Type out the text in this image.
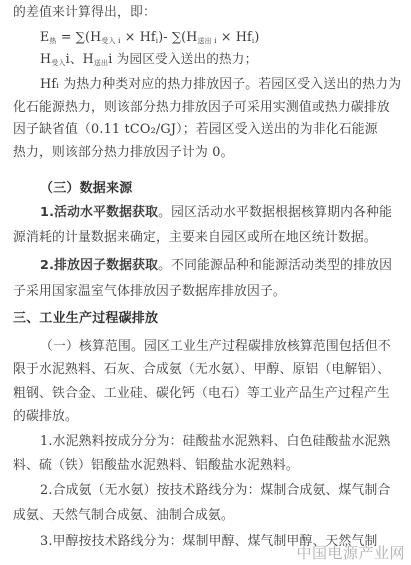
的差值来计算得出，即：
$E_热 = \sum(H_{受入 i} \times Hf_i)-$ $\sum(H_{送出 i} \times Hf_i)$
$H_{受入}i$、$H_{送出}i$ 为园区受入送出的热力；
Hfᵢ 为热力种类对应的热力排放因子。若园区受入送出的热力为
化石能源热力，则该部分热力排放因子可采用实测值或热力碳排放
因子缺省值（0.11 tCO₂/GJ）；若园区受入送出的为非化石能源
热力，则该部分热力排放因子计为 0。
（三）数据来源
1.活动水平数据获取。园区活动水平数据根据核算期内各种能
源消耗的计量数据来确定，主要来自园区或所在地区统计数据。
2.排放因子数据获取。不同能源品种和能源活动类型的排放因
子采用国家温室气体排放因子数据库排放因子。
三、工业生产过程碳排放
（一）核算范围。园区工业生产过程碳排放核算范围包括但不
限于水泥熟料、石灰、合成氨（无水氨）、甲醇、原铝（电解铝）、
粗钢、铁合金、工业硅、碳化钙（电石）等工业产品生产过程产生
的碳排放。
1.水泥熟料按成分分为：硅酸盐水泥熟料、白色硅酸盐水泥熟
料、硫（铁）铝酸盐水泥熟料、铝酸盐水泥熟料。
2.合成氨（无水氨）按技术路线分为：煤制合成氨、煤气制合
成氨、天然气制合成氨、油制合成氨。
3.甲醇按技术路线分为：煤制甲醇、煤气制甲醇、天然气制
中国电源产业网
